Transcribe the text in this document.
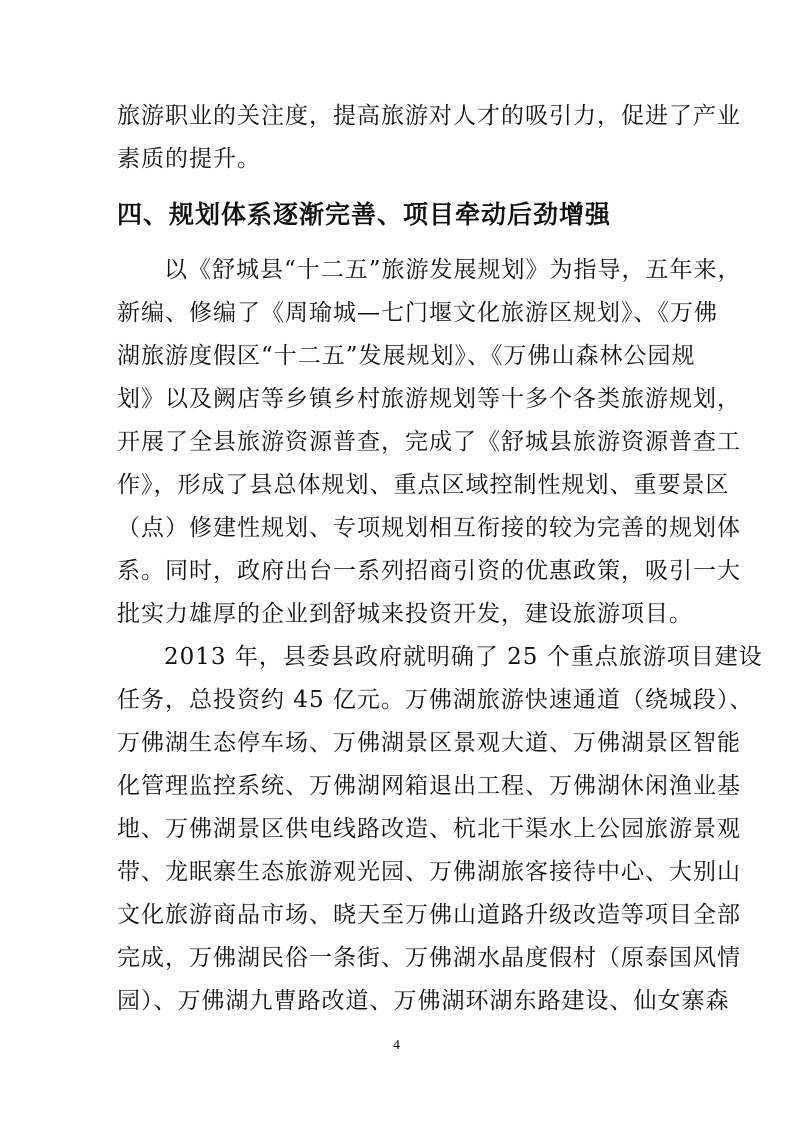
旅游职业的关注度，提高旅游对人才的吸引力，促进了产业
素质的提升。
四、规划体系逐渐完善、项目牵动后劲增强
以《舒城县“十二五”旅游发展规划》为指导，五年来，
新编、修编了《周瑜城—七门堰文化旅游区规划》、《万佛
湖旅游度假区“十二五”发展规划》、《万佛山森林公园规
划》以及阙店等乡镇乡村旅游规划等十多个各类旅游规划，
开展了全县旅游资源普查，完成了《舒城县旅游资源普查工
作》，形成了县总体规划、重点区域控制性规划、重要景区
（点）修建性规划、专项规划相互衔接的较为完善的规划体
系。同时，政府出台一系列招商引资的优惠政策，吸引一大
批实力雄厚的企业到舒城来投资开发，建设旅游项目。
2013 年，县委县政府就明确了 25 个重点旅游项目建设
任务，总投资约 45 亿元。万佛湖旅游快速通道（绕城段）、
万佛湖生态停车场、万佛湖景区景观大道、万佛湖景区智能
化管理监控系统、万佛湖网箱退出工程、万佛湖休闲渔业基
地、万佛湖景区供电线路改造、杭北干渠水上公园旅游景观
带、龙眠寨生态旅游观光园、万佛湖旅客接待中心、大别山
文化旅游商品市场、晓天至万佛山道路升级改造等项目全部
完成，万佛湖民俗一条街、万佛湖水晶度假村（原泰国风情
园）、万佛湖九曹路改道、万佛湖环湖东路建设、仙女寨森
4
